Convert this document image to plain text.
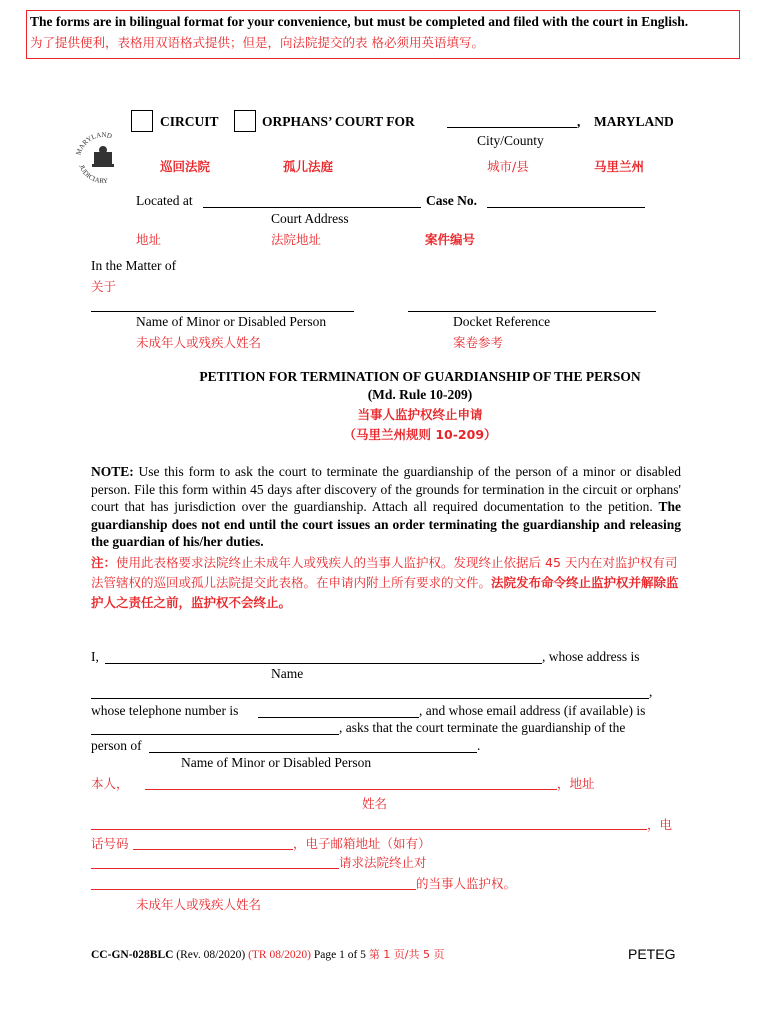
The forms are in bilingual format for your convenience, but must be completed and filed with the court in English.
为了提供便利，表格用双语格式提供；但是，向法院提交的表 格必须用英语填写。
MARYLAND
JUDICIARY
CIRCUIT	ORPHANS’ COURT FOR	, MARYLAND
City/County
巡回法院	孤儿法庭	城市/县	马里兰州
Located at	Case No.
Court Address
地址	法院地址	案件编号
In the Matter of
关于
Name of Minor or Disabled Person	Docket Reference
未成年人或残疾人姓名	案卷参考
PETITION FOR TERMINATION OF GUARDIANSHIP OF THE PERSON
(Md. Rule 10-209)
当事人监护权终止申请
（马里兰州规则 10-209）
NOTE: Use this form to ask the court to terminate the guardianship of the person of a minor or disabled person. File this form within 45 days after discovery of the grounds for termination in the circuit or orphans' court that has jurisdiction over the guardianship. Attach all required documentation to the petition. The guardianship does not end until the court issues an order terminating the guardianship and releasing the guardian of his/her duties.
注：使用此表格要求法院终止未成年人或残疾人的当事人监护权。发现终止依据后 45 天内在对监护权有司法管辖权的巡回或孤儿法院提交此表格。在申请内附上所有要求的文件。法院发布命令终止监护权并解除监护人之责任之前，监护权不会终止。
I,	, whose address is
Name
,
whose telephone number is	, and whose email address (if available) is
, asks that the court terminate the guardianship of the
person of	.
Name of Minor or Disabled Person
本人，	，地址
姓名
，电
话号码	，电子邮箱地址（如有）
请求法院终止对
的当事人监护权。
未成年人或残疾人姓名
CC-GN-028BLC (Rev. 08/2020) (TR 08/2020) Page 1 of 5 第 1 页/共 5 页	PETEG
